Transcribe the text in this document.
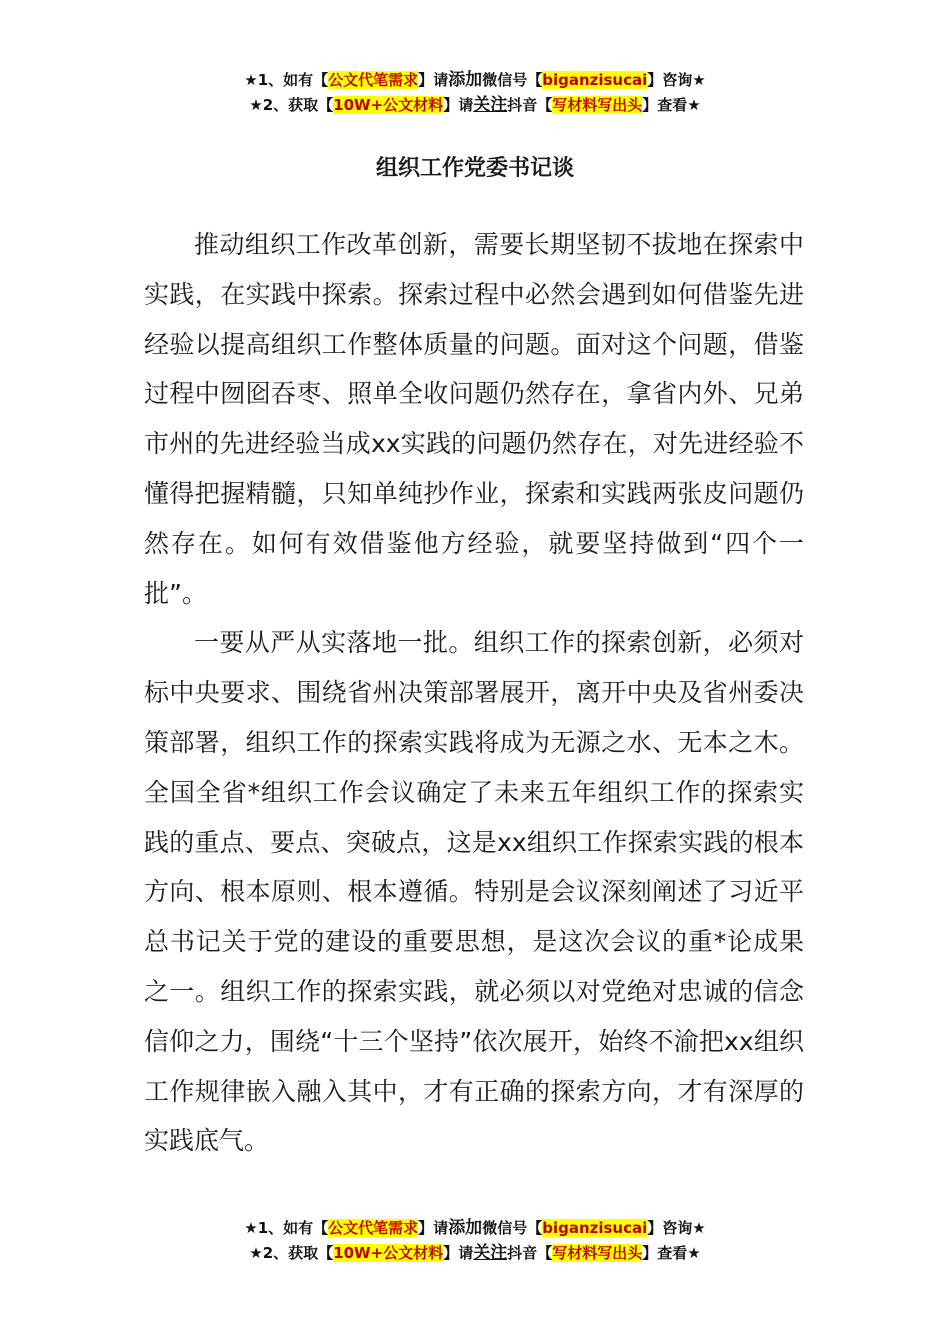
★1、如有【公文代笔需求】请添加微信号【biganzisucai】咨询★
★2、获取【10W+公文材料】请关注抖音【写材料写出头】查看★
组织工作党委书记谈

推动组织工作改革创新，需要长期坚韧不拔地在探索中实践，在实践中探索。探索过程中必然会遇到如何借鉴先进经验以提高组织工作整体质量的问题。面对这个问题，借鉴过程中囫囵吞枣、照单全收问题仍然存在，拿省内外、兄弟市州的先进经验当成xx实践的问题仍然存在，对先进经验不懂得把握精髓，只知单纯抄作业，探索和实践两张皮问题仍然存在。如何有效借鉴他方经验，就要坚持做到“四个一批”。

一要从严从实落地一批。组织工作的探索创新，必须对标中央要求、围绕省州决策部署展开，离开中央及省州委决策部署，组织工作的探索实践将成为无源之水、无本之木。全国全省*组织工作会议确定了未来五年组织工作的探索实践的重点、要点、突破点，这是xx组织工作探索实践的根本方向、根本原则、根本遵循。特别是会议深刻阐述了习近平总书记关于党的建设的重要思想，是这次会议的重*论成果之一。组织工作的探索实践，就必须以对党绝对忠诚的信念信仰之力，围绕“十三个坚持”依次展开，始终不渝把xx组织工作规律嵌入融入其中，才有正确的探索方向，才有深厚的实践底气。

★1、如有【公文代笔需求】请添加微信号【biganzisucai】咨询★
★2、获取【10W+公文材料】请关注抖音【写材料写出头】查看★
